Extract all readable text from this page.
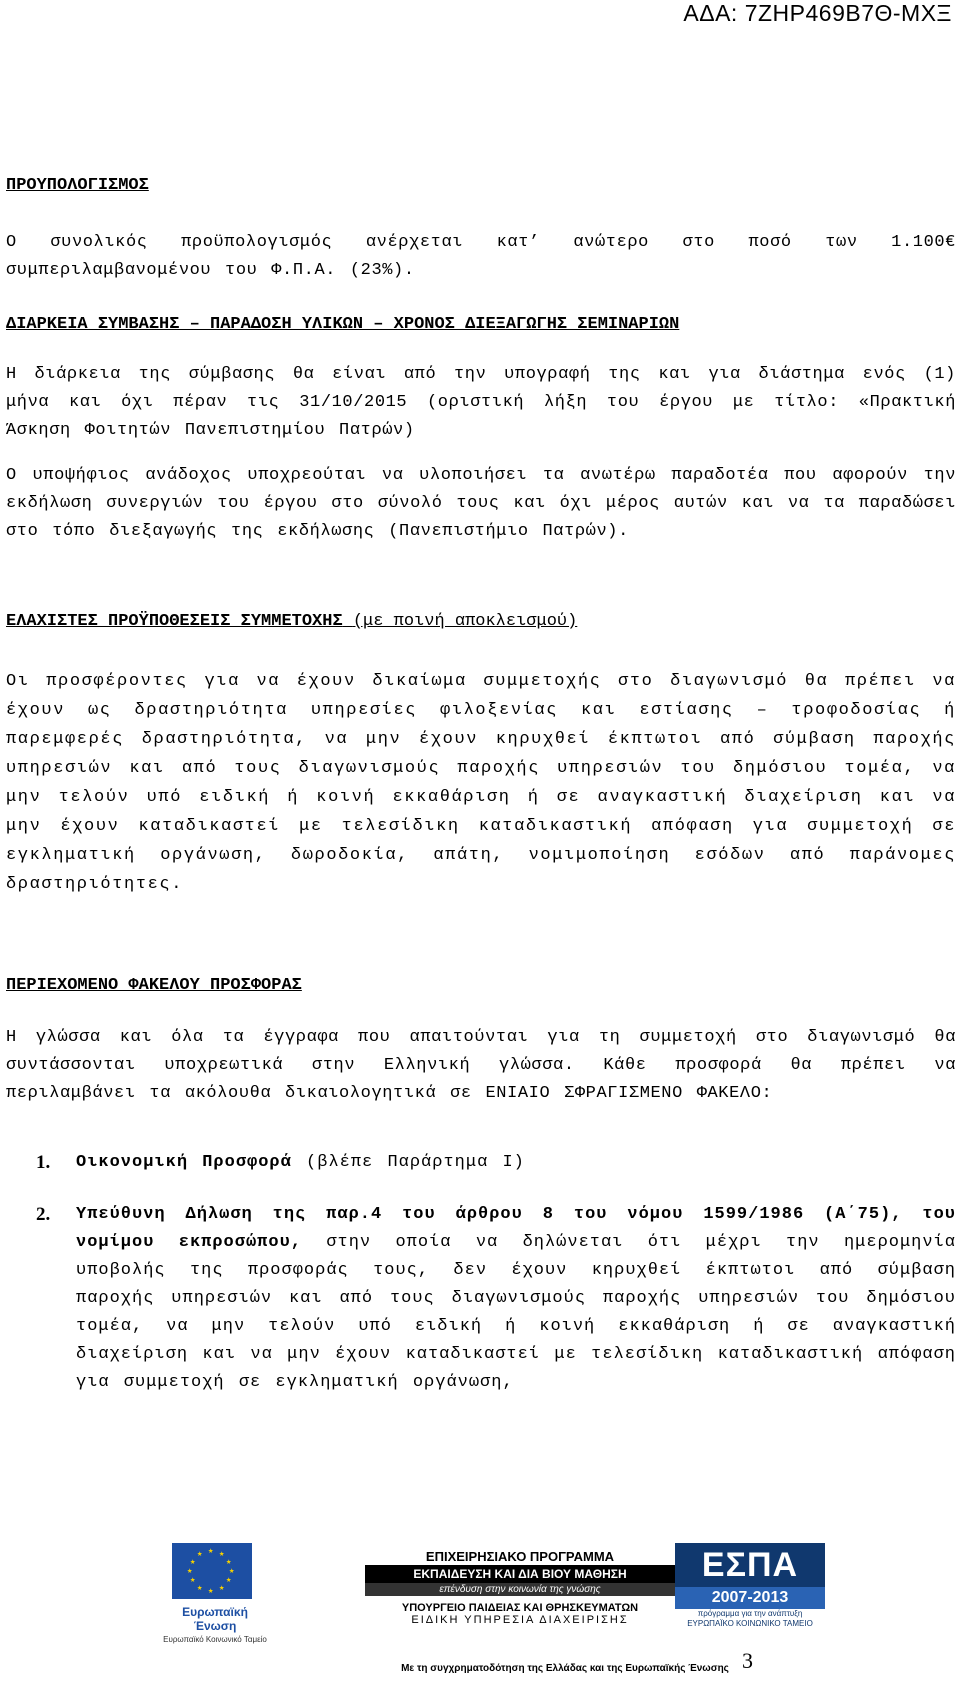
ΑΔΑ: 7ΖΗΡ469Β7Θ-ΜΧΞ
ΠΡΟΥΠΟΛΟΓΙΣΜΟΣ
Ο συνολικός προϋπολογισμός ανέρχεται κατ’ ανώτερο στο ποσό των 1.100€ συμπεριλαμβανομένου του Φ.Π.Α. (23%).
ΔΙΑΡΚΕΙΑ ΣΥΜΒΑΣΗΣ – ΠΑΡΑΔΟΣΗ ΥΛΙΚΩΝ – ΧΡΟΝΟΣ ΔΙΕΞΑΓΩΓΗΣ ΣΕΜΙΝΑΡΙΩΝ
Η διάρκεια της σύμβασης θα είναι από την υπογραφή της και για διάστημα ενός (1) μήνα και όχι πέραν τις 31/10/2015 (οριστική λήξη του έργου με τίτλο: «Πρακτική Άσκηση Φοιτητών Πανεπιστημίου Πατρών)
Ο υποψήφιος ανάδοχος υποχρεούται να υλοποιήσει τα ανωτέρω παραδοτέα που αφορούν την εκδήλωση συνεργιών του έργου στο σύνολό τους και όχι μέρος αυτών και να τα παραδώσει στο τόπο διεξαγωγής της εκδήλωσης (Πανεπιστήμιο Πατρών).
ΕΛΑΧΙΣΤΕΣ ΠΡΟΫΠΟΘΕΣΕΙΣ ΣΥΜΜΕΤΟΧΗΣ (με ποινή αποκλεισμού)
Οι προσφέροντες για να έχουν δικαίωμα συμμετοχής στο διαγωνισμό θα πρέπει να έχουν ως δραστηριότητα υπηρεσίες φιλοξενίας και εστίασης – τροφοδοσίας ή παρεμφερές δραστηριότητα, να μην έχουν κηρυχθεί έκπτωτοι από σύμβαση παροχής υπηρεσιών και από τους διαγωνισμούς παροχής υπηρεσιών του δημόσιου τομέα, να μην τελούν υπό ειδική ή κοινή εκκαθάριση ή σε αναγκαστική διαχείριση και να μην έχουν καταδικαστεί με τελεσίδικη καταδικαστική απόφαση για συμμετοχή σε εγκληματική οργάνωση, δωροδοκία, απάτη, νομιμοποίηση εσόδων από παράνομες δραστηριότητες.
ΠΕΡΙΕΧΟΜΕΝΟ ΦΑΚΕΛΟΥ ΠΡΟΣΦΟΡΑΣ
Η γλώσσα και όλα τα έγγραφα που απαιτούνται για τη συμμετοχή στο διαγωνισμό θα συντάσσονται υποχρεωτικά στην Ελληνική γλώσσα. Κάθε προσφορά θα πρέπει να περιλαμβάνει τα ακόλουθα δικαιολογητικά σε ΕΝΙΑΙΟ ΣΦΡΑΓΙΣΜΕΝΟ ΦΑΚΕΛΟ:
1. Οικονομική Προσφορά (βλέπε Παράρτημα Ι)
2. Υπεύθυνη Δήλωση της παρ.4 του άρθρου 8 του νόμου 1599/1986 (Α΄75), του νομίμου εκπροσώπου, στην οποία να δηλώνεται ότι μέχρι την ημερομηνία υποβολής της προσφοράς τους, δεν έχουν κηρυχθεί έκπτωτοι από σύμβαση παροχής υπηρεσιών και από τους διαγωνισμούς παροχής υπηρεσιών του δημόσιου τομέα, να μην τελούν υπό ειδική ή κοινή εκκαθάριση ή σε αναγκαστική διαχείριση και να μην έχουν καταδικαστεί με τελεσίδικη καταδικαστική απόφαση για συμμετοχή σε εγκληματική οργάνωση,
★ ★
★
★
★
★
★
★
★
★
★
★
Ευρωπαϊκή Ένωση
Ευρωπαϊκό Κοινωνικό Ταμείο
ΕΠΙΧΕΙΡΗΣΙΑΚΟ ΠΡΟΓΡΑΜΜΑ
ΕΚΠΑΙΔΕΥΣΗ ΚΑΙ ΔΙΑ ΒΙΟΥ ΜΑΘΗΣΗ
επένδυση στην κοινωνία της γνώσης
ΥΠΟΥΡΓΕΙΟ ΠΑΙΔΕΙΑΣ ΚΑΙ ΘΡΗΣΚΕΥΜΑΤΩΝ
ΕΙΔΙΚΗ ΥΠΗΡΕΣΙΑ ΔΙΑΧΕΙΡΙΣΗΣ
ΕΣΠΑ
2007-2013
πρόγραμμα για την ανάπτυξη ΕΥΡΩΠΑΪΚΟ ΚΟΙΝΩΝΙΚΟ ΤΑΜΕΙΟ
Με τη συγχρηματοδότηση της Ελλάδας και της Ευρωπαϊκής Ένωσης 3
